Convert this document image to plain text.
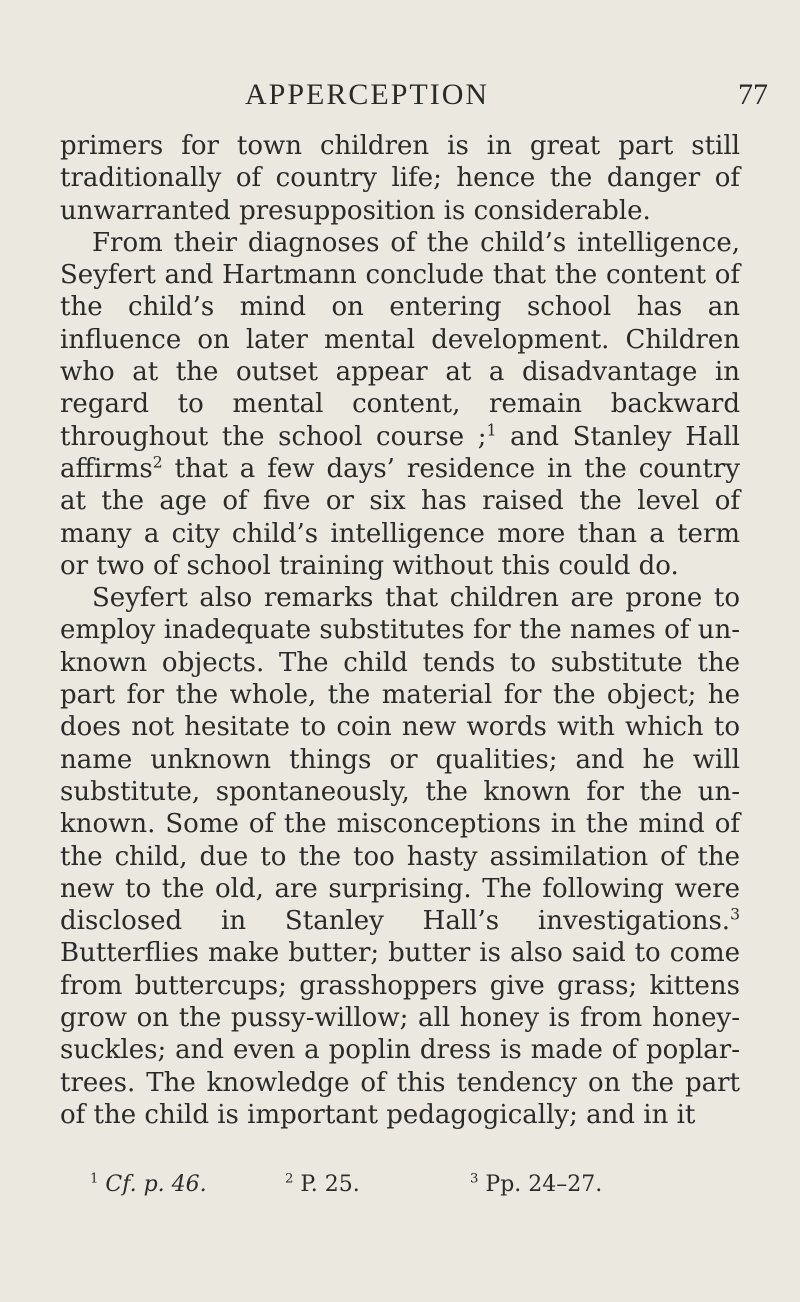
APPERCEPTION	77

primers for town children is in great part still traditionally of country life; hence the danger of unwarranted presupposition is considerable.

From their diagnoses of the child’s intelligence, Seyfert and Hartmann conclude that the content of the child’s mind on entering school has an influence on later mental development. Children who at the outset appear at a disadvantage in regard to mental content, remain backward throughout the school course ;$^1$ and Stanley Hall affirms$^2$ that a few days’ residence in the country at the age of five or six has raised the level of many a city child’s intelligence more than a term or two of school training without this could do.

Seyfert also remarks that children are prone to employ inadequate substitutes for the names of un-known objects. The child tends to substitute the part for the whole, the material for the object; he does not hesitate to coin new words with which to name unknown things or qualities; and he will substitute, spontaneously, the known for the un-known. Some of the misconceptions in the mind of the child, due to the too hasty assimilation of the new to the old, are surprising. The following were disclosed in Stanley Hall’s investigations.$^3$ Butterflies make butter; butter is also said to come from buttercups; grasshoppers give grass; kittens grow on the pussy-willow; all honey is from honey-suckles; and even a poplin dress is made of poplar-trees. The knowledge of this tendency on the part of the child is important pedagogically; and in it

$^1$ Cf. p. 46.	$^2$ P. 25.	$^3$ Pp. 24–27.
